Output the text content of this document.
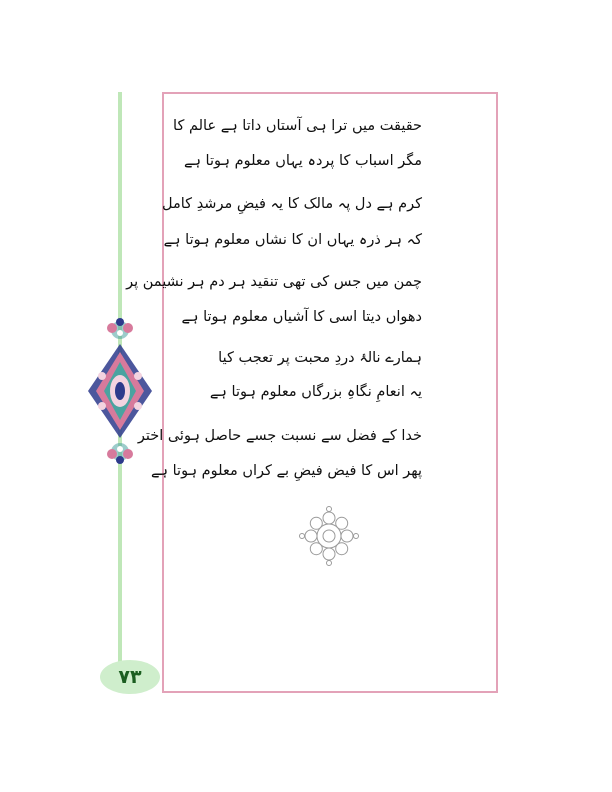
۷۳
حقیقت میں ترا ہی آستاں داتا ہے عالم کا
مگر اسباب کا پردہ یہاں معلوم ہوتا ہے
کرم ہے دل پہ مالک کا یہ فیضِ مرشدِ کامل
کہ ہر ذرہ یہاں ان کا نشاں معلوم ہوتا ہے
چمن میں جس کی تھی تنقید ہر دم ہر نشیمن پر
دھواں دیتا اسی کا آشیاں معلوم ہوتا ہے
ہمارے نالۂ دردِ محبت پر تعجب کیا
یہ انعامِ نگاہِ بزرگاں معلوم ہوتا ہے
خدا کے فضل سے نسبت جسے حاصل ہوئی اختر
پھر اس کا فیض فیضِ بے کراں معلوم ہوتا ہے
